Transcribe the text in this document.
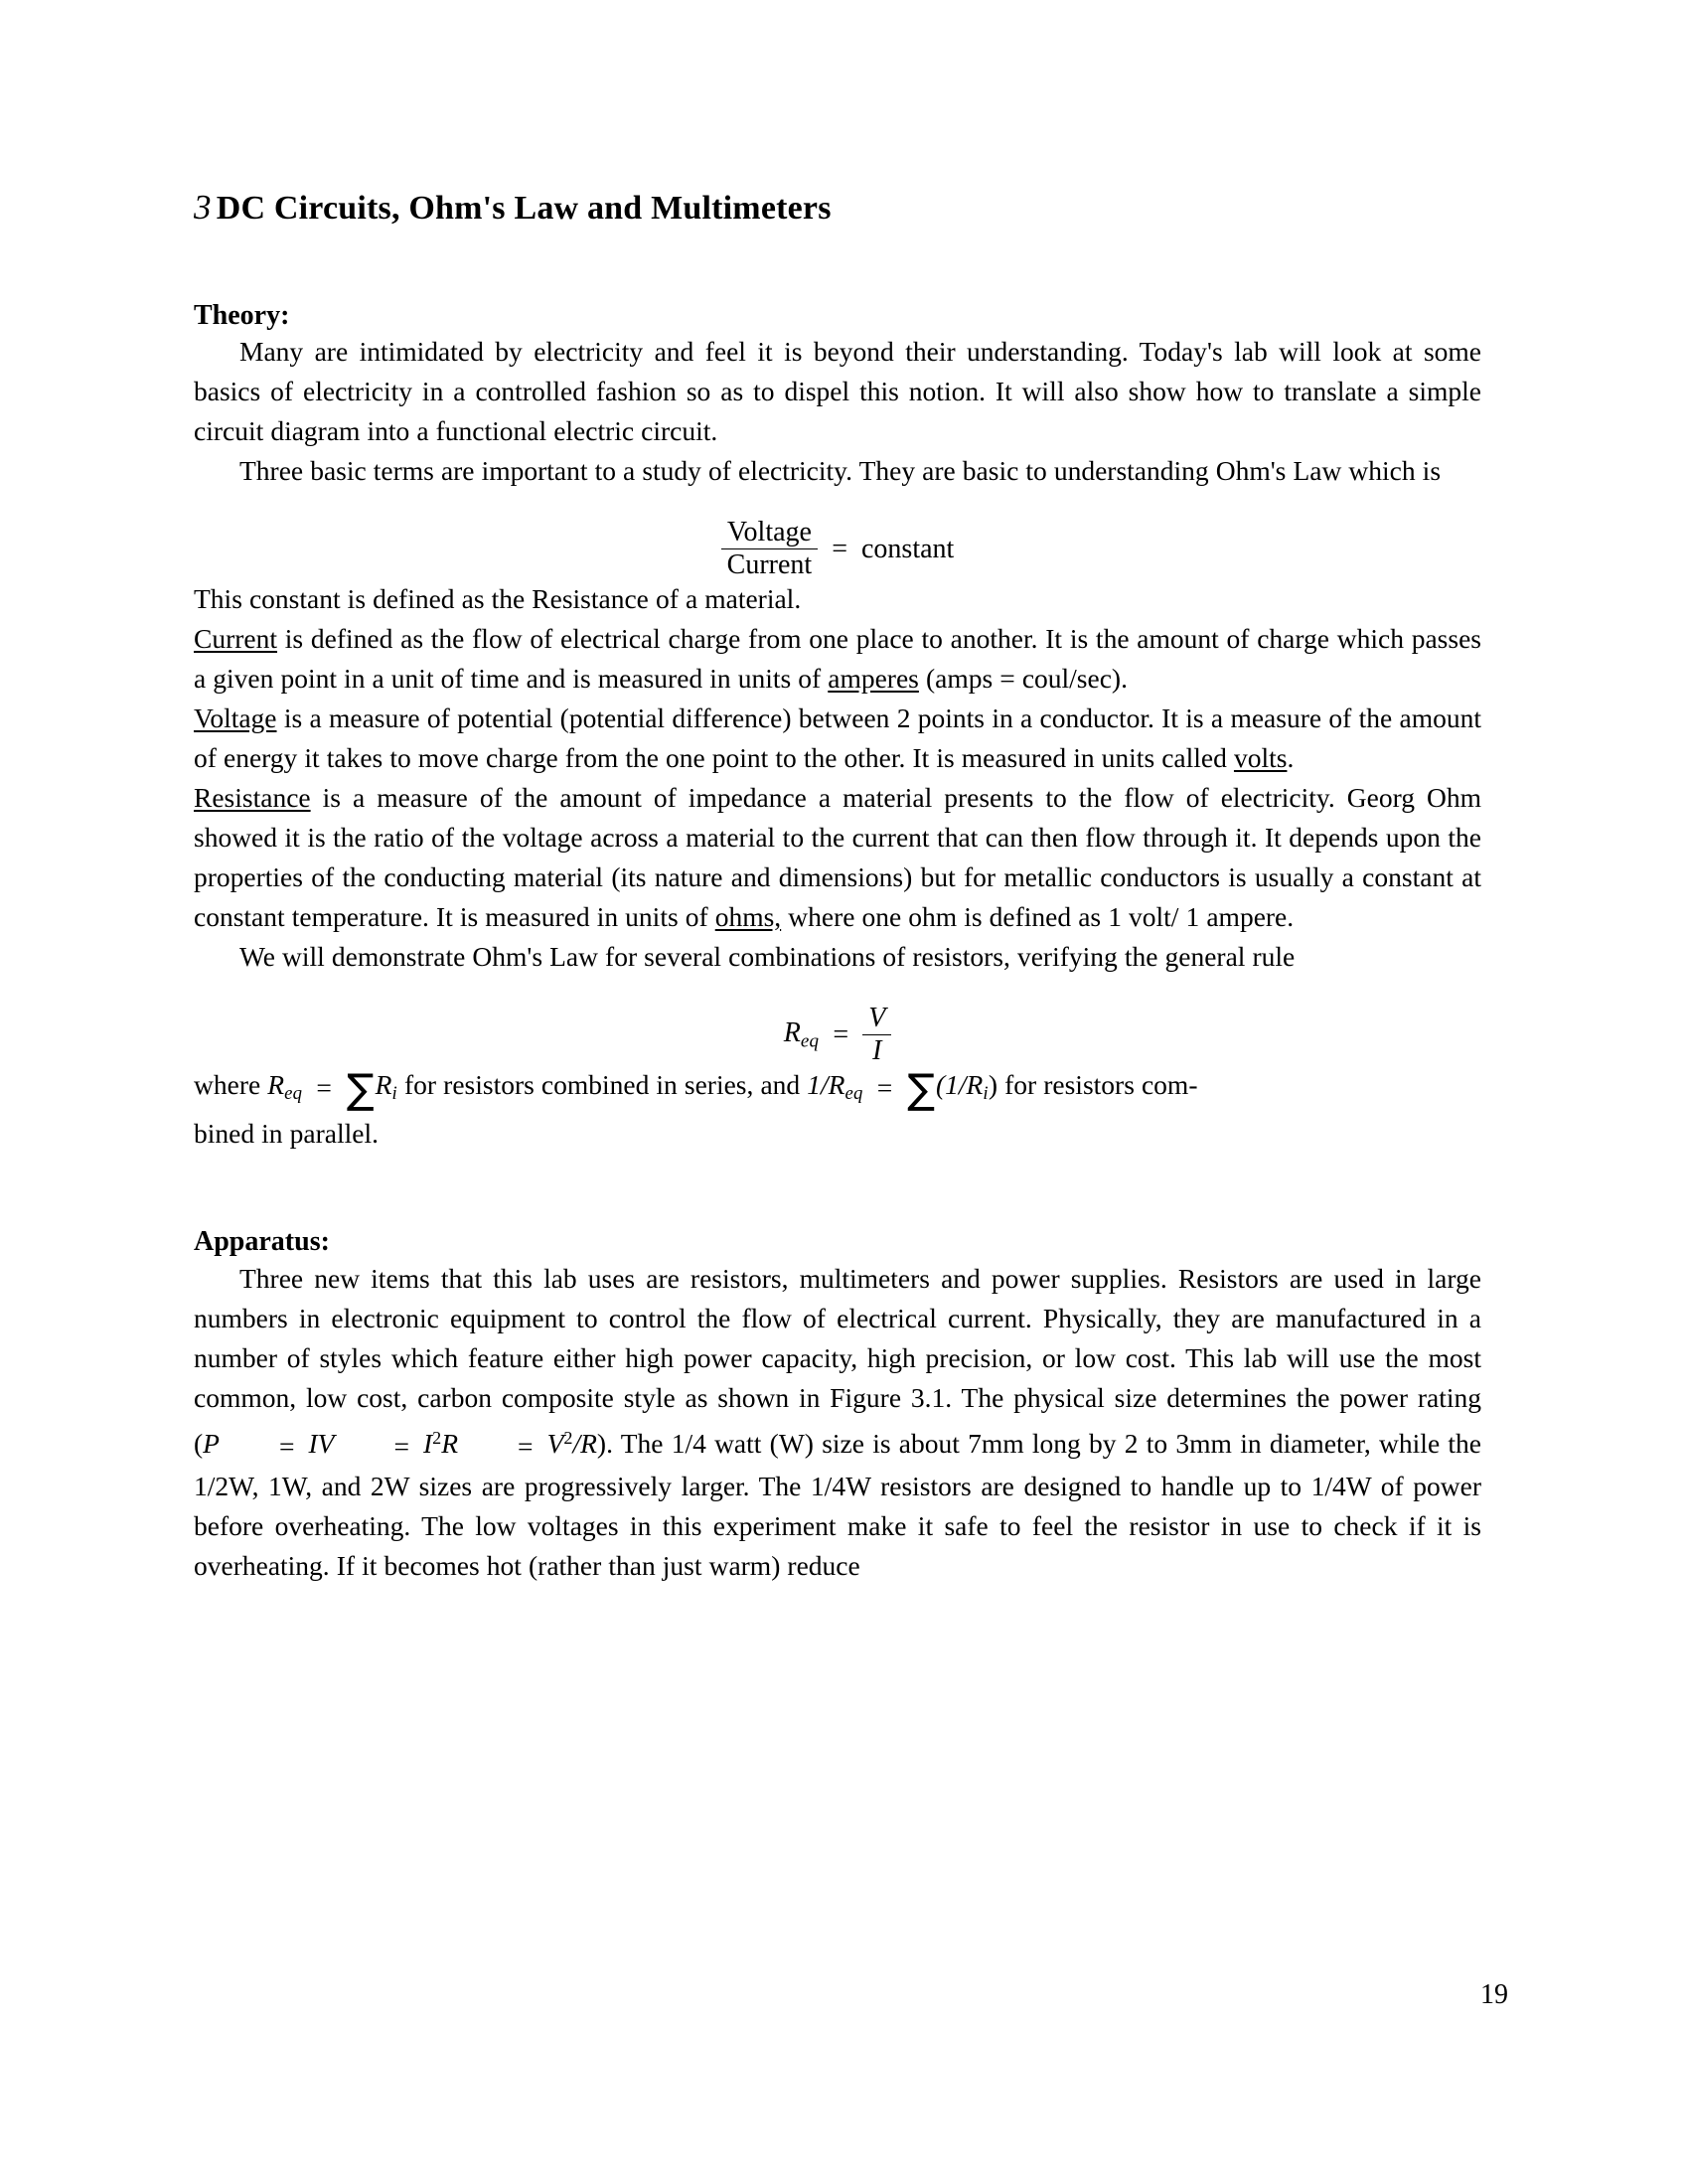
3 DC Circuits, Ohm's Law and Multimeters
Theory:

Many are intimidated by electricity and feel it is beyond their understanding. Today's lab will look at some basics of electricity in a controlled fashion so as to dispel this notion. It will also show how to translate a simple circuit diagram into a functional electric circuit.

Three basic terms are important to a study of electricity. They are basic to understanding Ohm's Law which is

$\frac{\text{Voltage}}{\text{Current}}$ = constant

This constant is defined as the Resistance of a material.

Current is defined as the flow of electrical charge from one place to another. It is the amount of charge which passes a given point in a unit of time and is measured in units of amperes (amps = coul/sec).

Voltage is a measure of potential (potential difference) between 2 points in a conductor. It is a measure of the amount of energy it takes to move charge from the one point to the other. It is measured in units called volts.

Resistance is a measure of the amount of impedance a material presents to the flow of electricity. Georg Ohm showed it is the ratio of the voltage across a material to the current that can then flow through it. It depends upon the properties of the conducting material (its nature and dimensions) but for metallic conductors is usually a constant at constant temperature. It is measured in units of ohms, where one ohm is defined as 1 volt/ 1 ampere.

We will demonstrate Ohm's Law for several combinations of resistors, verifying the general rule

$R_{eq} = \frac{V}{I}$

where $R_{eq} = \sum R_i$ for resistors combined in series, and $1/R_{eq} = \sum(1/R_i)$ for resistors com-

bined in parallel.

Apparatus:

Three new items that this lab uses are resistors, multimeters and power supplies. Resistors are used in large numbers in electronic equipment to control the flow of electrical current. Physically, they are manufactured in a number of styles which feature either high power capacity, high precision, or low cost. This lab will use the most common, low cost, carbon composite style as shown in Figure 3.1. The physical size determines the power rating (P = IV = $I^2R = V^2/R$). The 1/4 watt (W) size is about 7mm long by 2 to 3mm in diameter, while the 1/2W, 1W, and 2W sizes are progressively larger. The 1/4W resistors are designed to handle up to 1/4W of power before overheating. The low voltages in this experiment make it safe to feel the resistor in use to check if it is overheating. If it becomes hot (rather than just warm) reduce

19
